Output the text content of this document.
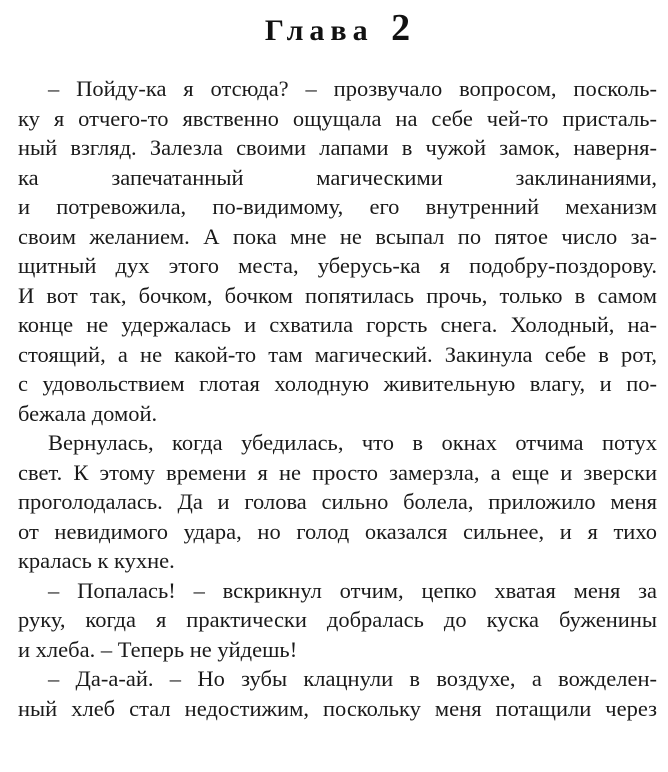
Глава 2
– Пойду-ка я отсюда? – прозвучало вопросом, посколь-
ку я отчего-то явственно ощущала на себе чей-то присталь-
ный взгляд. Залезла своими лапами в чужой замок, наверня-
ка запечатанный магическими заклинаниями,
и потревожила, по-видимому, его внутренний механизм
своим желанием. А пока мне не всыпал по пятое число за-
щитный дух этого места, уберусь-ка я подобру-поздорову.
И вот так, бочком, бочком попятилась прочь, только в самом
конце не удержалась и схватила горсть снега. Холодный, на-
стоящий, а не какой-то там магический. Закинула себе в рот,
с удовольствием глотая холодную живительную влагу, и по-
бежала домой.
Вернулась, когда убедилась, что в окнах отчима потух
свет. К этому времени я не просто замерзла, а еще и зверски
проголодалась. Да и голова сильно болела, приложило меня
от невидимого удара, но голод оказался сильнее, и я тихо
кралась к кухне.
– Попалась! – вскрикнул отчим, цепко хватая меня за
руку, когда я практически добралась до куска буженины
и хлеба. – Теперь не уйдешь!
– Да-а-ай. – Но зубы клацнули в воздухе, а вожделен-
ный хлеб стал недостижим, поскольку меня потащили через
